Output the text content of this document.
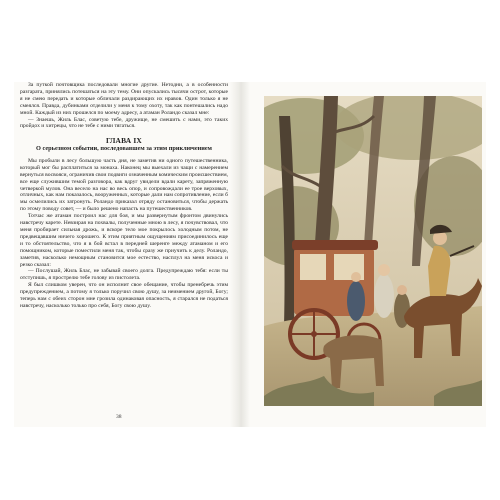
За путкой почтовщика последовали многие другие. Нетодни, а в особенности разгаратa, принялись потешаться на эту тему. Они опускались тысячи острот, которые я не смею передать и которые обличали раздирающих их нравов. Один только я не смеялся. Правда, дубинками отделили у меня к тому охоту, так как понтешались надо мной. Каждый из них прошелся по моему адресу, а атаман Роландо сказал мне:

— Знаешь, Жиль Блас, советую тебе, дружище, не смешить с нами, это таких пройдох и хитрецы, что не тебе с ними тягаться.

ГЛАВА IX
О серьезном событии, последовавшем за этим приключением

Мы пробыли в лесу большую часть дня, не заметив ни одного путешественника, который мог бы расплатиться за монаха. Наконец мы выехали из чащи с намерением вернуться восвояси, ограничив свои подвиги означенным комическим происшествием, все еще служившим темой разговора, как вдруг увидели вдали карету, запряженную четверкой мулов. Она весело на нас во весь опор, и сопровождали ее трое верховых, отличных, как нам показалось, вооруженных, которые дали нам сопротивление, если б мы осмелились их затронуть. Роландо приказал отряду остановиться, чтобы держать по этому поводу совет, — и было решено напасть на путешественников.

Тотчас же атаман построил нас для боя, и мы развернутым фронтом двинулись навстречу карете. Невзирая на похвалы, полученные мною в лесу, я почувствовал, что меня пробирает сильная дрожь, и вскоре тело мое покрылось холодным потом, не предвещавшим ничего хорошего. К этим приятным ощущениям присоединилось еще и то обстоятельство, что я в бой встал в передней шеренге между атаманом и его помощником, которые поместили меня так, чтобы сразу же приучить к делу. Роландо, заметив, насколько немощным становится мое естество, насплул на меня искоса и резко сказал:

— Послушай, Жиль Блас, не забывай своего долга. Предупреждаю тебя: если ты отступишь, я прострелю тебе голову из пистолета.

Я был слишком уверен, что он исполнит свое обещание, чтобы пренебречь этим предупреждением, а потому я только поручил свою душу, за неимением другой, Богу; теперь нам с обеих сторон мне грозила одинаковая опасность, я старался не податься навстречу, насколько только про себя, Богу свою душу.

38
